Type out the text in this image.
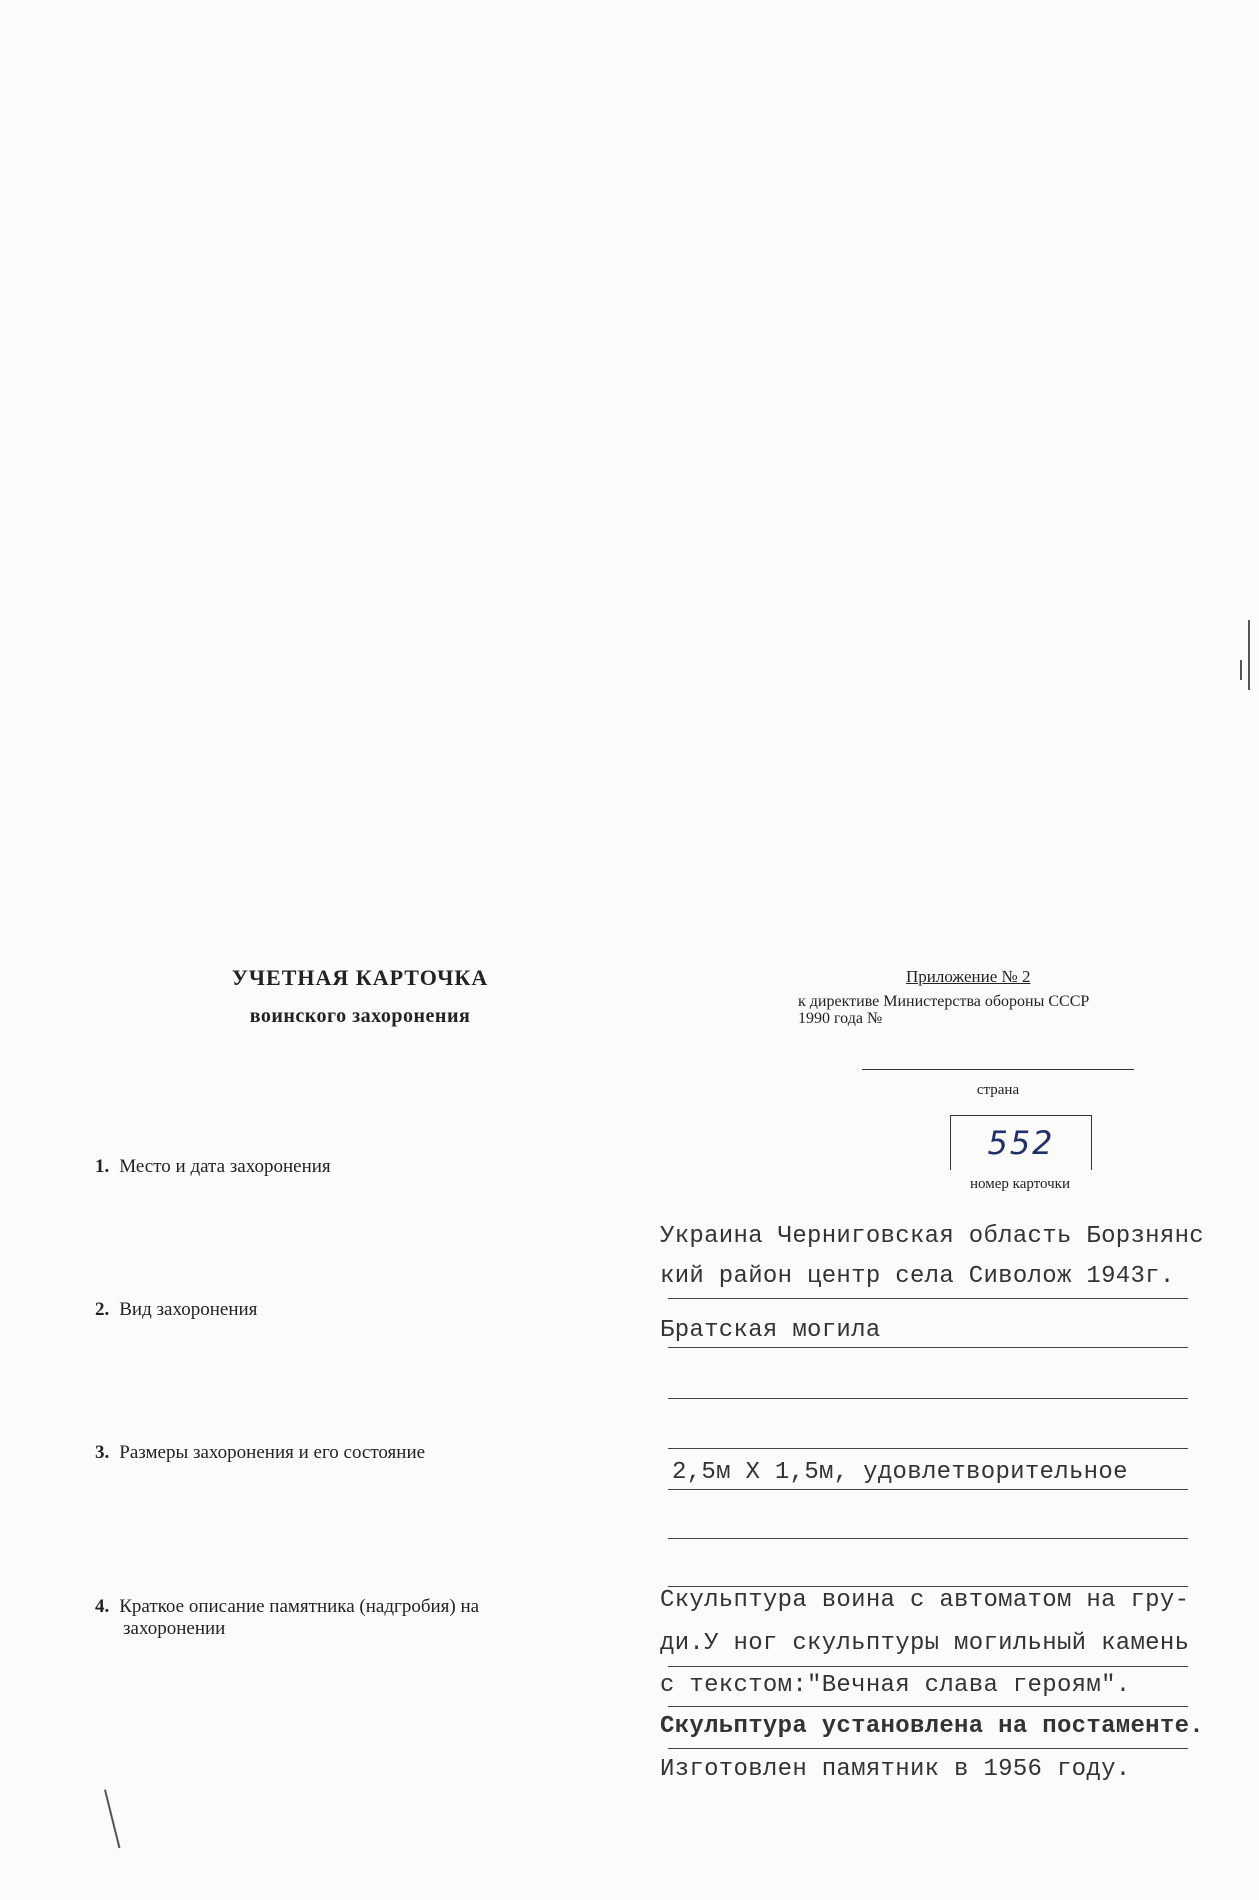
УЧЕТНАЯ КАРТОЧКА
воинского захоронения
Приложение № 2
к директиве Министерства обороны СССР
1990 года №
страна
552
номер карточки
1. Место и дата захоронения
Украина Черниговская область Борзнянс
кий район центр села Сиволож 1943г.
2. Вид захоронения
Братская могила
3. Размеры захоронения и его состояние
2,5м Х 1,5м, удовлетворительное
4. Краткое описание памятника (надгробия) на
захоронении
Скульптура воина с автоматом на гру-
ди.У ног скульптуры могильный камень
с текстом:"Вечная слава героям".
Скульптура установлена на постаменте.
Изготовлен памятник в 1956 году.
